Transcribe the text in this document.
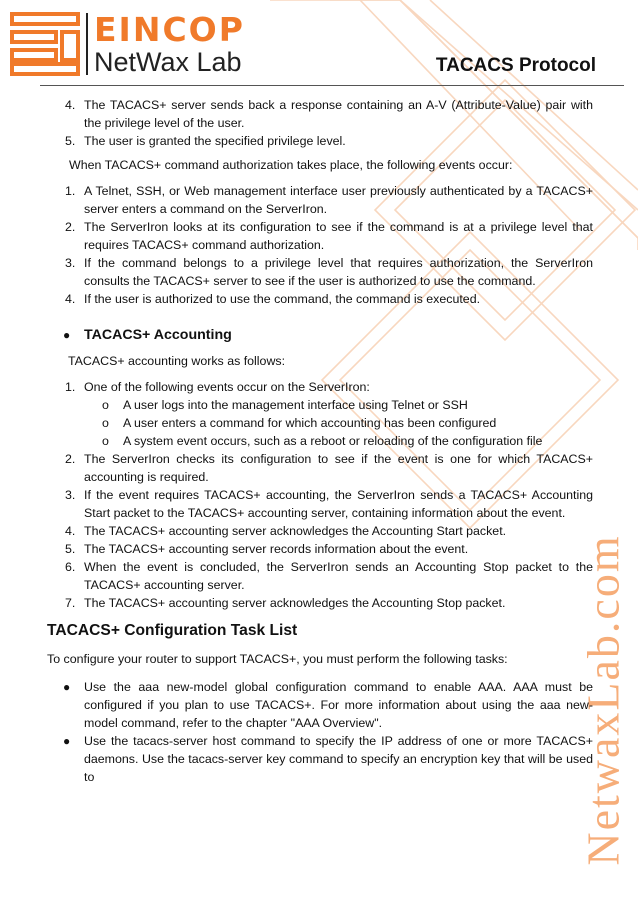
EINCOP
NetWax Lab	TACACS Protocol
NetwaxLab.com
4. The TACACS+ server sends back a response containing an A-V (Attribute-Value) pair with the privilege level of the user.
5. The user is granted the specified privilege level.

When TACACS+ command authorization takes place, the following events occur:

1. A Telnet, SSH, or Web management interface user previously authenticated by a TACACS+ server enters a command on the ServerIron.
2. The ServerIron looks at its configuration to see if the command is at a privilege level that requires TACACS+ command authorization.
3. If the command belongs to a privilege level that requires authorization, the ServerIron consults the TACACS+ server to see if the user is authorized to use the command.
4. If the user is authorized to use the command, the command is executed.
● TACACS+ Accounting

TACACS+ accounting works as follows:

1. One of the following events occur on the ServerIron:
o A user logs into the management interface using Telnet or SSH
o A user enters a command for which accounting has been configured
o A system event occurs, such as a reboot or reloading of the configuration file
2. The ServerIron checks its configuration to see if the event is one for which TACACS+ accounting is required.
3. If the event requires TACACS+ accounting, the ServerIron sends a TACACS+ Accounting Start packet to the TACACS+ accounting server, containing information about the event.
4. The TACACS+ accounting server acknowledges the Accounting Start packet.
5. The TACACS+ accounting server records information about the event.
6. When the event is concluded, the ServerIron sends an Accounting Stop packet to the TACACS+ accounting server.
7. The TACACS+ accounting server acknowledges the Accounting Stop packet.
TACACS+ Configuration Task List

To configure your router to support TACACS+, you must perform the following tasks:

● Use the aaa new-model global configuration command to enable AAA. AAA must be configured if you plan to use TACACS+. For more information about using the aaa new-model command, refer to the chapter "AAA Overview".
● Use the tacacs-server host command to specify the IP address of one or more TACACS+ daemons. Use the tacacs-server key command to specify an encryption key that will be used to
